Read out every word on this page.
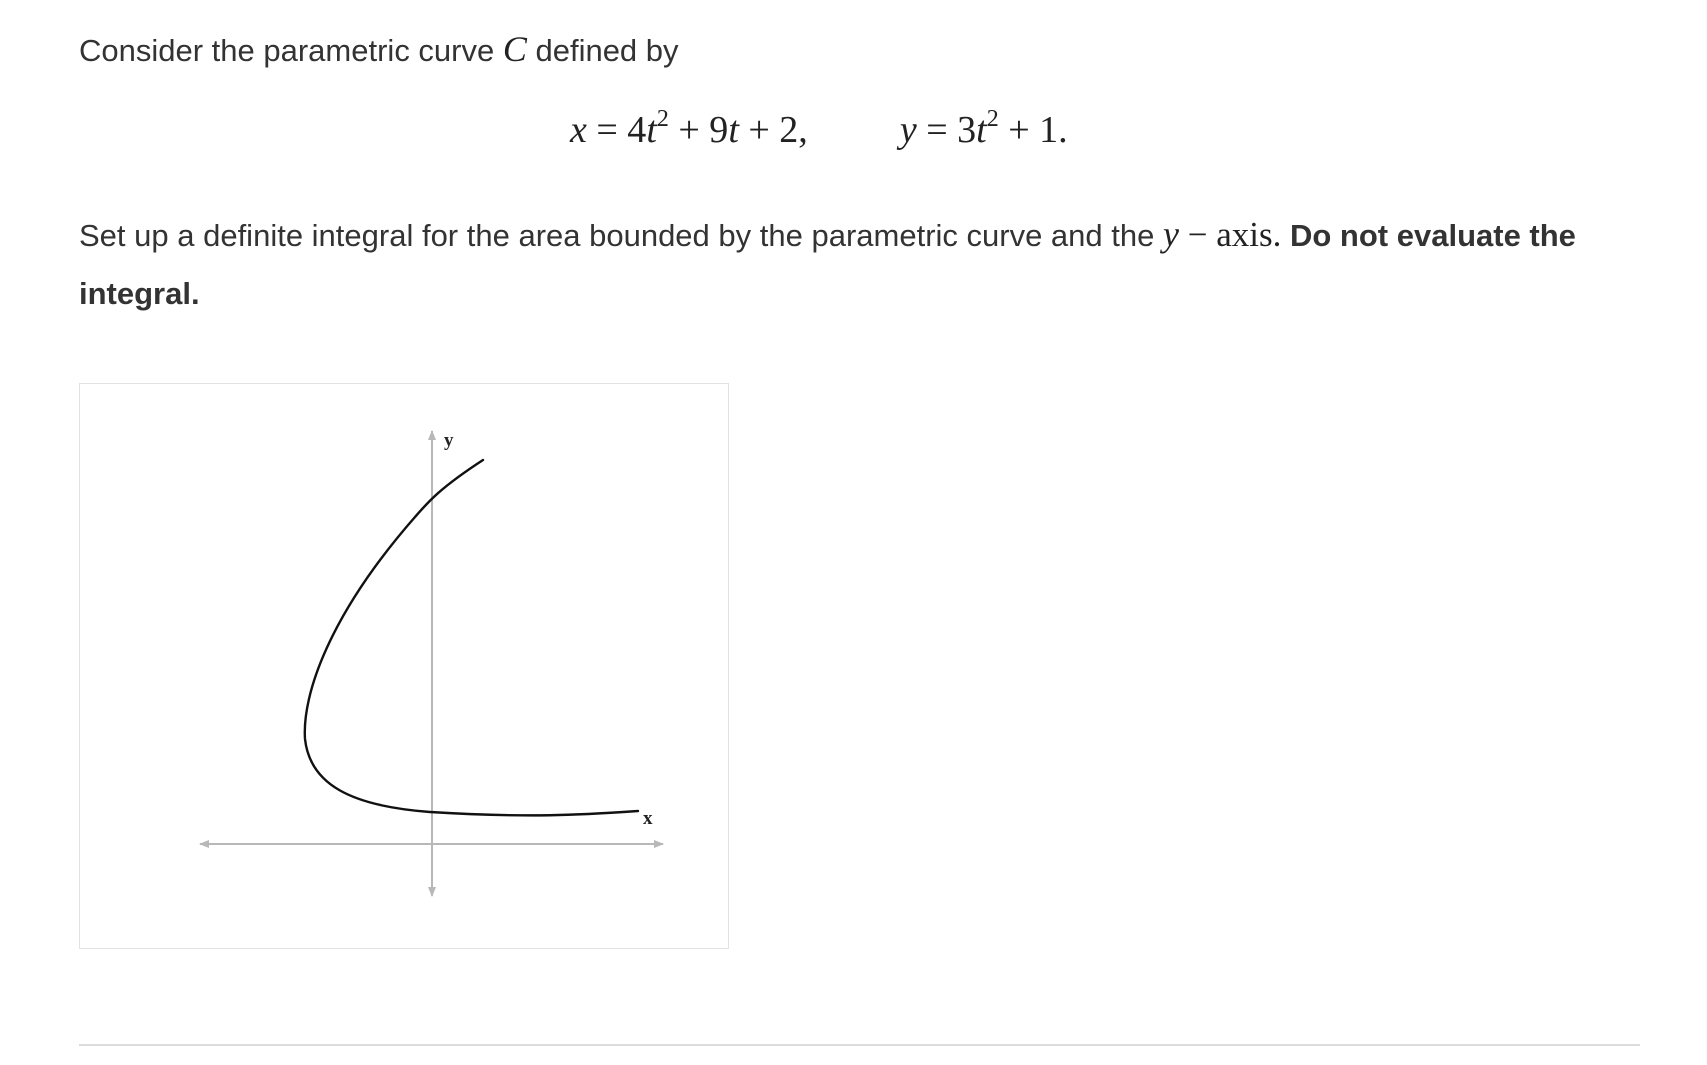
Consider the parametric curve C defined by
$x = 4t^2 + 9t + 2$, $y = 3t^2 + 1$.
Set up a definite integral for the area bounded by the parametric curve and the y − axis. Do not evaluate the integral.
y
x
